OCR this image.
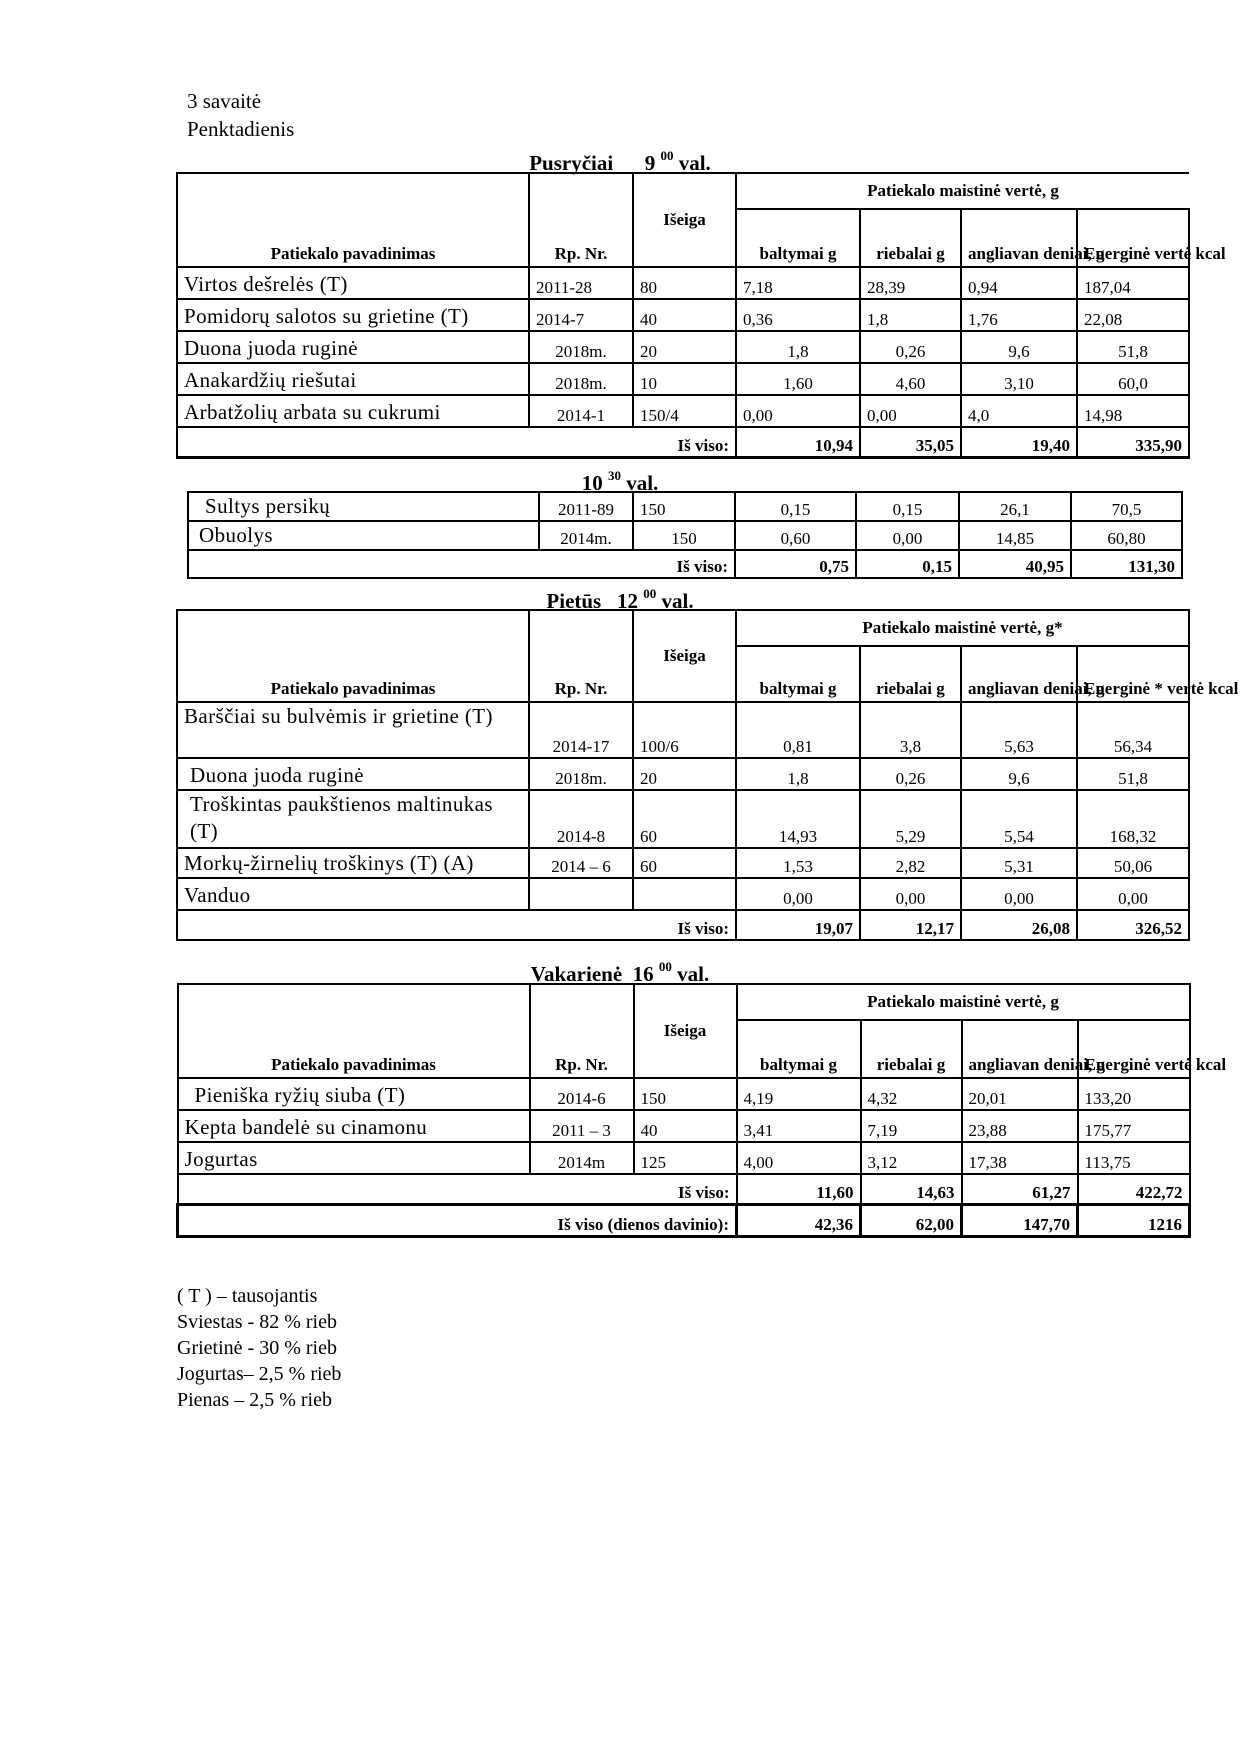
3 savaitė
Penktadienis
Pusryčiai 9 $^{00}$ val.
Patiekalo pavadinimas	Rp. Nr.	Išeiga	Patiekalo maistinė vertė, g			
			baltymai g	riebalai g	angliavan deniai, g	Energinė vertė kcal
Virtos dešrelės (T)	2011-28	80	7,18	28,39	0,94	187,04
Pomidorų salotos su grietine (T)	2014-7	40	0,36	1,8	1,76	22,08
Duona juoda ruginė	2018m.	20	1,8	0,26	9,6	51,8
Anakardžių riešutai	2018m.	10	1,60	4,60	3,10	60,0
Arbatžolių arbata su cukrumi	2014-1	150/4	0,00	0,00	4,0	14,98
Iš viso:			10,94	35,05	19,40	335,90
10 $^{30}$ val.
Sultys persikų	2011-89	150	0,15	0,15	26,1	70,5
Obuolys	2014m.	150	0,60	0,00	14,85	60,80
Iš viso:			0,75	0,15	40,95	131,30
Pietūs 12 $^{00}$ val.
Patiekalo pavadinimas	Rp. Nr.	Išeiga	Patiekalo maistinė vertė, g*			
			baltymai g	riebalai g	angliavan deniai, g	Energinė * vertė kcal
Barščiai su bulvėmis ir grietine (T)	2014-17	100/6	0,81	3,8	5,63	56,34
Duona juoda ruginė	2018m.	20	1,8	0,26	9,6	51,8
Troškintas paukštienos maltinukas (T)	2014-8	60	14,93	5,29	5,54	168,32
Morkų-žirnelių troškinys (T) (A)	2014 – 6	60	1,53	2,82	5,31	50,06
Vanduo			0,00	0,00	0,00	0,00
Iš viso:			19,07	12,17	26,08	326,52
Vakarienė 16 $^{00}$ val.
Patiekalo pavadinimas	Rp. Nr.	Išeiga	Patiekalo maistinė vertė, g			
			baltymai g	riebalai g	angliavan deniai, g	Energinė vertė kcal
Pieniška ryžių siuba (T)	2014-6	150	4,19	4,32	20,01	133,20
Kepta bandelė su cinamonu	2011 – 3	40	3,41	7,19	23,88	175,77
Jogurtas	2014m	125	4,00	3,12	17,38	113,75
Iš viso:			11,60	14,63	61,27	422,72
Iš viso (dienos davinio):			42,36	62,00	147,70	1216
( T ) – tausojantis
Sviestas - 82 % rieb
Grietinė - 30 % rieb
Jogurtas– 2,5 % rieb
Pienas – 2,5 % rieb
